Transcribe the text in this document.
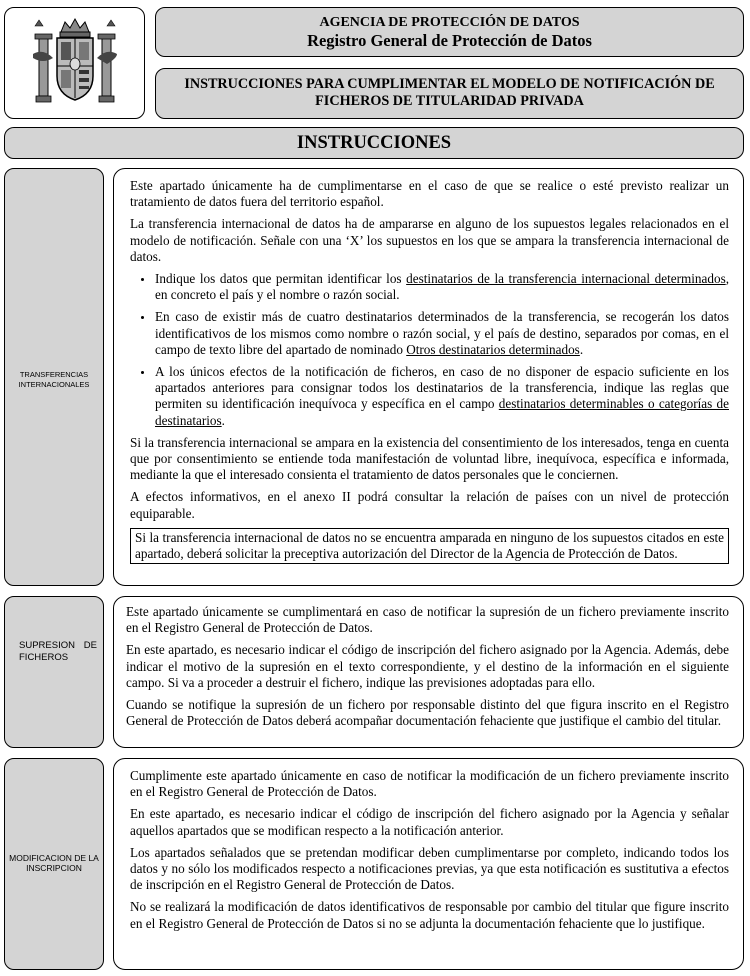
AGENCIA DE PROTECCIÓN DE DATOS
Registro General de Protección de Datos
INSTRUCCIONES PARA CUMPLIMENTAR EL MODELO DE NOTIFICACIÓN DE FICHEROS DE TITULARIDAD PRIVADA
INSTRUCCIONES
TRANSFERENCIAS INTERNACIONALES

Este apartado únicamente ha de cumplimentarse en el caso de que se realice o esté previsto realizar un tratamiento de datos fuera del territorio español.

La transferencia internacional de datos ha de ampararse en alguno de los supuestos legales relacionados en el modelo de notificación. Señale con una ‘X’ los supuestos en los que se ampara la transferencia internacional de datos.

• Indique los datos que permitan identificar los destinatarios de la transferencia internacional determinados, en concreto el país y el nombre o razón social.
• En caso de existir más de cuatro destinatarios determinados de la transferencia, se recogerán los datos identificativos de los mismos como nombre o razón social, y el país de destino, separados por comas, en el campo de texto libre del apartado de nominado Otros destinatarios determinados.
• A los únicos efectos de la notificación de ficheros, en caso de no disponer de espacio suficiente en los apartados anteriores para consignar todos los destinatarios de la transferencia, indique las reglas que permiten su identificación inequívoca y específica en el campo destinatarios determinables o categorías de destinatarios.

Si la transferencia internacional se ampara en la existencia del consentimiento de los interesados, tenga en cuenta que por consentimiento se entiende toda manifestación de voluntad libre, inequívoca, específica e informada, mediante la que el interesado consienta el tratamiento de datos personales que le conciernen.

A efectos informativos, en el anexo II podrá consultar la relación de países con un nivel de protección equiparable.

Si la transferencia internacional de datos no se encuentra amparada en ninguno de los supuestos citados en este apartado, deberá solicitar la preceptiva autorización del Director de la Agencia de Protección de Datos.
SUPRESION DE FICHEROS

Este apartado únicamente se cumplimentará en caso de notificar la supresión de un fichero previamente inscrito en el Registro General de Protección de Datos.

En este apartado, es necesario indicar el código de inscripción del fichero asignado por la Agencia. Además, debe indicar el motivo de la supresión en el texto correspondiente, y el destino de la información en el siguiente campo. Si va a proceder a destruir el fichero, indique las previsiones adoptadas para ello.

Cuando se notifique la supresión de un fichero por responsable distinto del que figura inscrito en el Registro General de Protección de Datos deberá acompañar documentación fehaciente que justifique el cambio del titular.

MODIFICACION DE LA INSCRIPCION

Cumplimente este apartado únicamente en caso de notificar la modificación de un fichero previamente inscrito en el Registro General de Protección de Datos.

En este apartado, es necesario indicar el código de inscripción del fichero asignado por la Agencia y señalar aquellos apartados que se modifican respecto a la notificación anterior.

Los apartados señalados que se pretendan modificar deben cumplimentarse por completo, indicando todos los datos y no sólo los modificados respecto a notificaciones previas, ya que esta notificación es sustitutiva a efectos de inscripción en el Registro General de Protección de Datos.

No se realizará la modificación de datos identificativos de responsable por cambio del titular que figure inscrito en el Registro General de Protección de Datos si no se adjunta la documentación fehaciente que lo justifique.
